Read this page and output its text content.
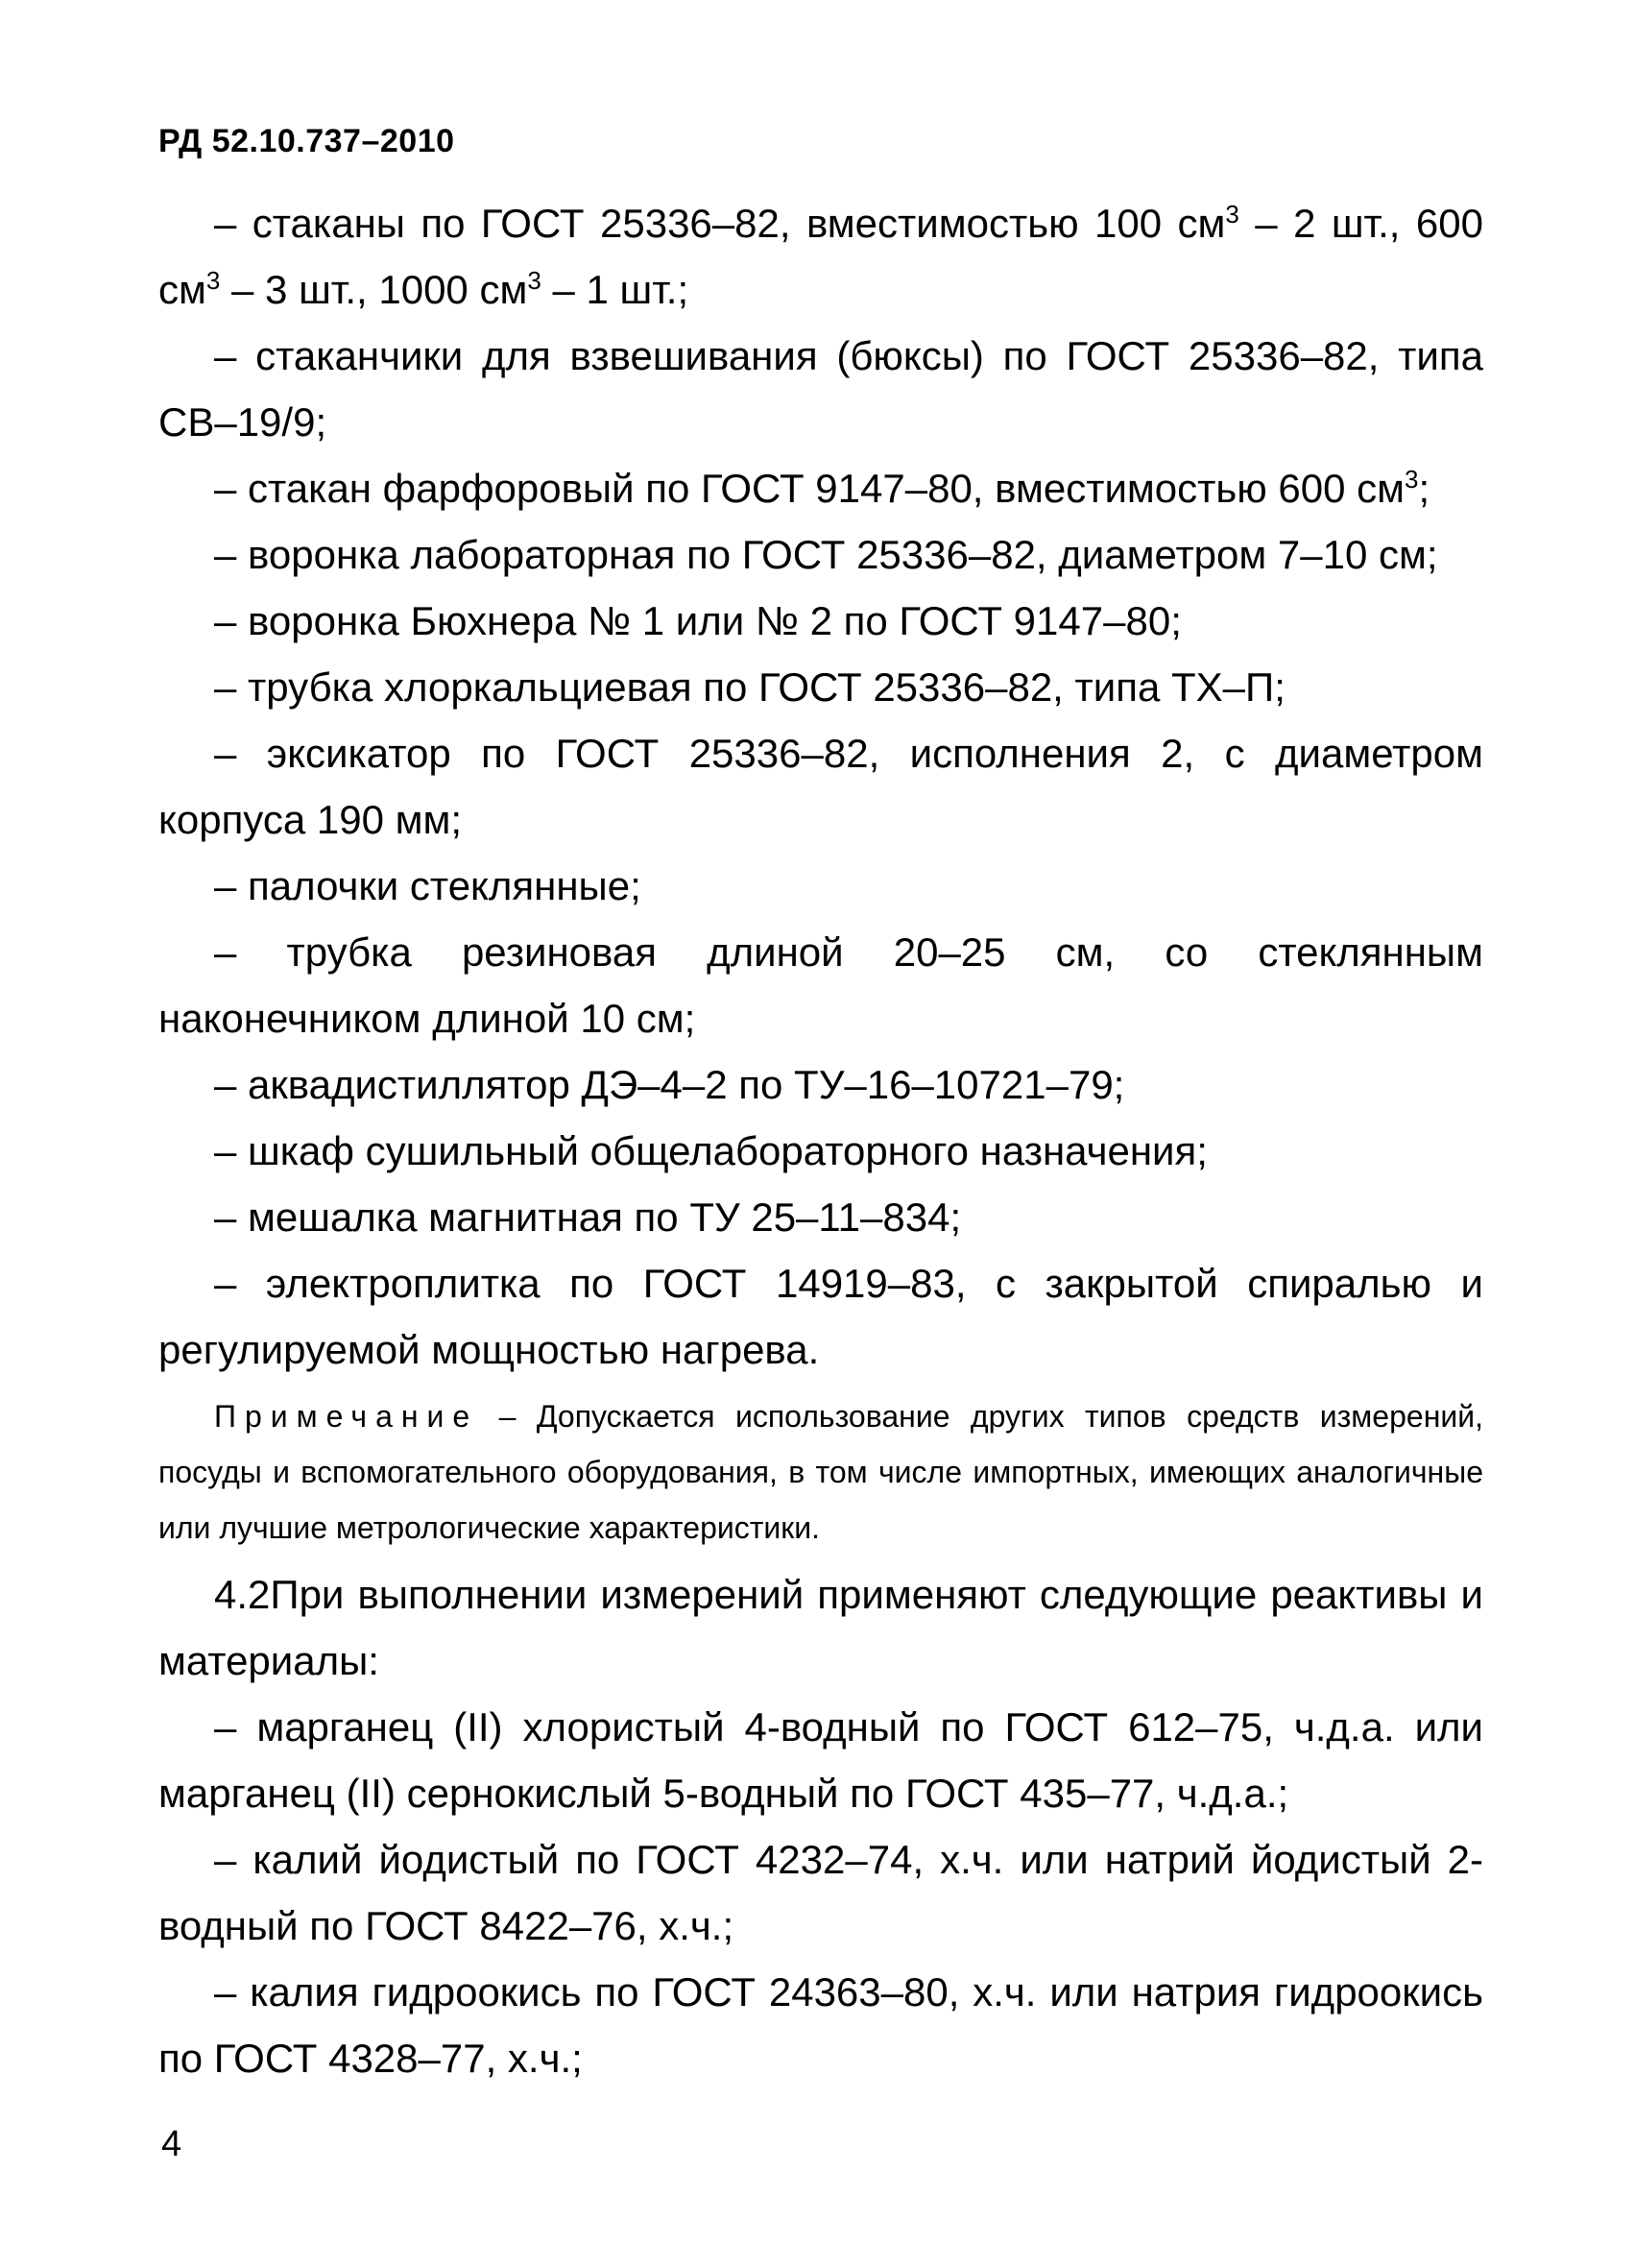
РД 52.10.737–2010

– стаканы по ГОСТ 25336–82, вместимостью 100 $см^3 - 2$ шт., 600 $см^3 - 3$ шт., 1000 $см^3 - 1$ шт.;

– стаканчики для взвешивания (бюксы) по ГОСТ 25336–82, типа СВ–19/9;

– стакан фарфоровый по ГОСТ 9147–80, вместимостью 600 $см^3$;

– воронка лабораторная по ГОСТ 25336–82, диаметром 7–10 см;

– воронка Бюхнера № 1 или № 2 по ГОСТ 9147–80;

– трубка хлоркальциевая по ГОСТ 25336–82, типа ТХ–П;

– эксикатор по ГОСТ 25336–82, исполнения 2, с диаметром корпуса 190 мм;

– палочки стеклянные;

– трубка резиновая длиной 20–25 см, со стеклянным наконечником длиной 10 см;

– аквадистиллятор ДЭ–4–2 по ТУ–16–10721–79;

– шкаф сушильный общелабораторного назначения;

– мешалка магнитная по ТУ 25–11–834;

– электроплитка по ГОСТ 14919–83, с закрытой спиралью и регулируемой мощностью нагрева.

Примечание – Допускается использование других типов средств измерений, посуды и вспомогательного оборудования, в том числе импортных, имеющих аналогичные или лучшие метрологические характеристики.

4.2При выполнении измерений применяют следующие реактивы и материалы:

– марганец (II) хлористый 4-водный по ГОСТ 612–75, ч.д.а. или марганец (II) сернокислый 5-водный по ГОСТ 435–77, ч.д.а.;

– калий йодистый по ГОСТ 4232–74, х.ч. или натрий йодистый 2-водный по ГОСТ 8422–76, х.ч.;

– калия гидроокись по ГОСТ 24363–80, х.ч. или натрия гидроокись по ГОСТ 4328–77, х.ч.;

4
